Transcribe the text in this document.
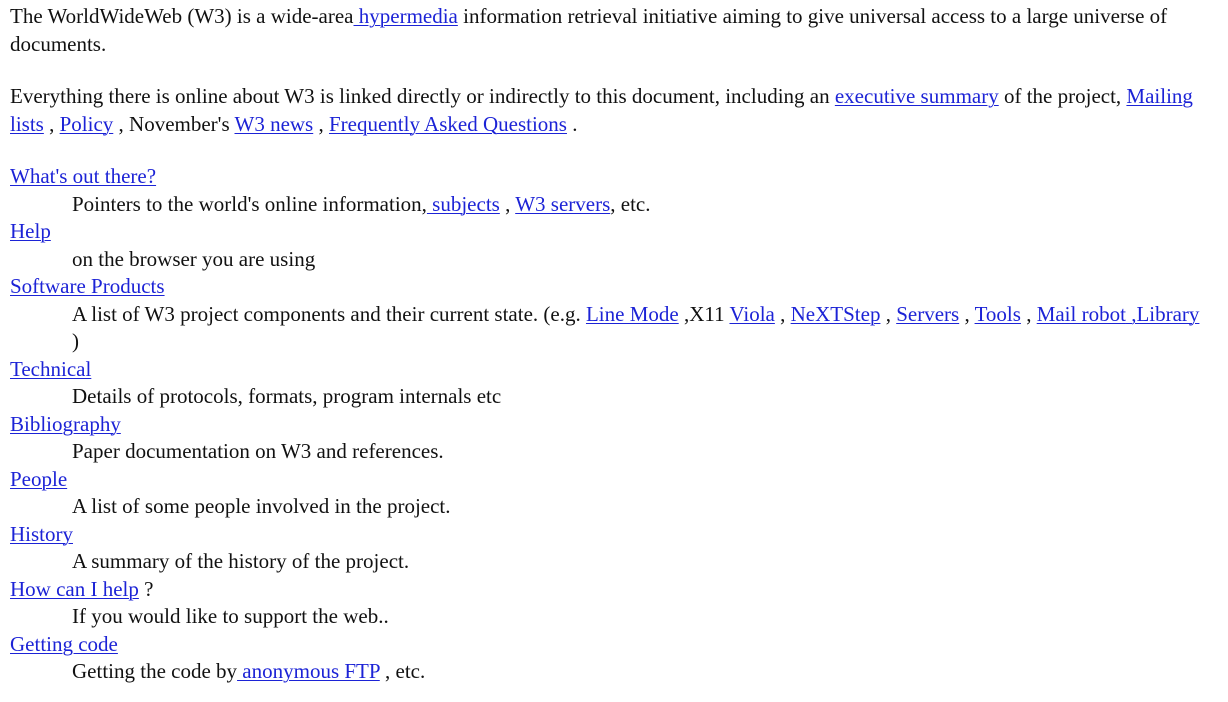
The WorldWideWeb (W3) is a wide-area hypermedia information retrieval initiative aiming to give universal access to a large universe of documents.

Everything there is online about W3 is linked directly or indirectly to this document, including an executive summary of the project, Mailing lists , Policy , November's W3 news , Frequently Asked Questions .

What's out there?
Pointers to the world's online information, subjects , W3 servers, etc.
Help
on the browser you are using
Software Products
A list of W3 project components and their current state. (e.g. Line Mode ,X11 Viola , NeXTStep , Servers , Tools , Mail robot ,Library )
Technical
Details of protocols, formats, program internals etc
Bibliography
Paper documentation on W3 and references.
People
A list of some people involved in the project.
History
A summary of the history of the project.
How can I help ?
If you would like to support the web..
Getting code
Getting the code by anonymous FTP , etc.
